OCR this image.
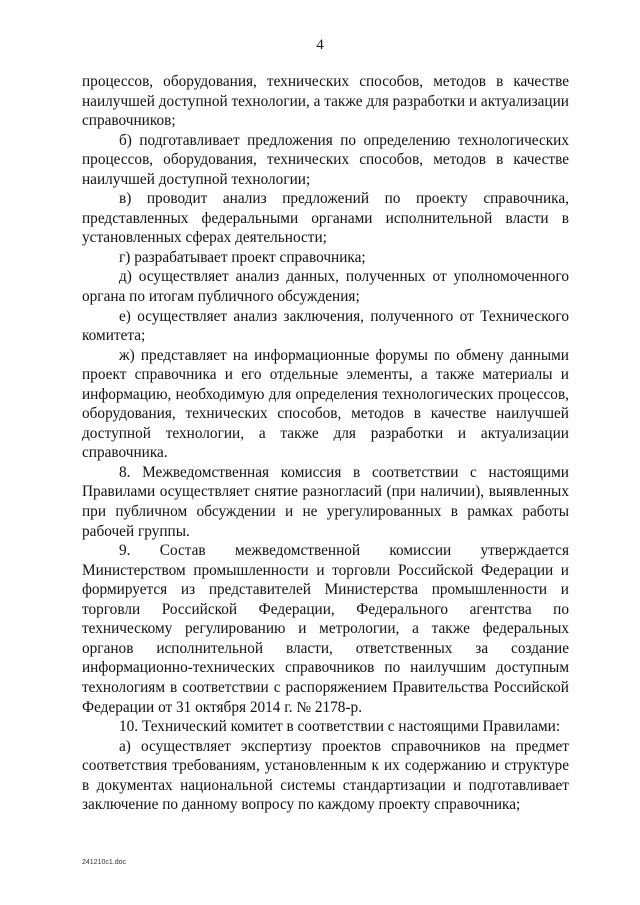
4

процессов, оборудования, технических способов, методов в качестве наилучшей доступной технологии, а также для разработки и актуализации справочников;

б) подготавливает предложения по определению технологических процессов, оборудования, технических способов, методов в качестве наилучшей доступной технологии;

в) проводит анализ предложений по проекту справочника, представленных федеральными органами исполнительной власти в установленных сферах деятельности;

г) разрабатывает проект справочника;

д) осуществляет анализ данных, полученных от уполномоченного органа по итогам публичного обсуждения;

е) осуществляет анализ заключения, полученного от Технического комитета;

ж) представляет на информационные форумы по обмену данными проект справочника и его отдельные элементы, а также материалы и информацию, необходимую для определения технологических процессов, оборудования, технических способов, методов в качестве наилучшей доступной технологии, а также для разработки и актуализации справочника.

8. Межведомственная комиссия в соответствии с настоящими Правилами осуществляет снятие разногласий (при наличии), выявленных при публичном обсуждении и не урегулированных в рамках работы рабочей группы.

9. Состав межведомственной комиссии утверждается Министерством промышленности и торговли Российской Федерации и формируется из представителей Министерства промышленности и торговли Российской Федерации, Федерального агентства по техническому регулированию и метрологии, а также федеральных органов исполнительной власти, ответственных за создание информационно-технических справочников по наилучшим доступным технологиям в соответствии с распоряжением Правительства Российской Федерации от 31 октября 2014 г. № 2178-р.

10. Технический комитет в соответствии с настоящими Правилами:

а) осуществляет экспертизу проектов справочников на предмет соответствия требованиям, установленным к их содержанию и структуре в документах национальной системы стандартизации и подготавливает заключение по данному вопросу по каждому проекту справочника;

241210с1.doc
